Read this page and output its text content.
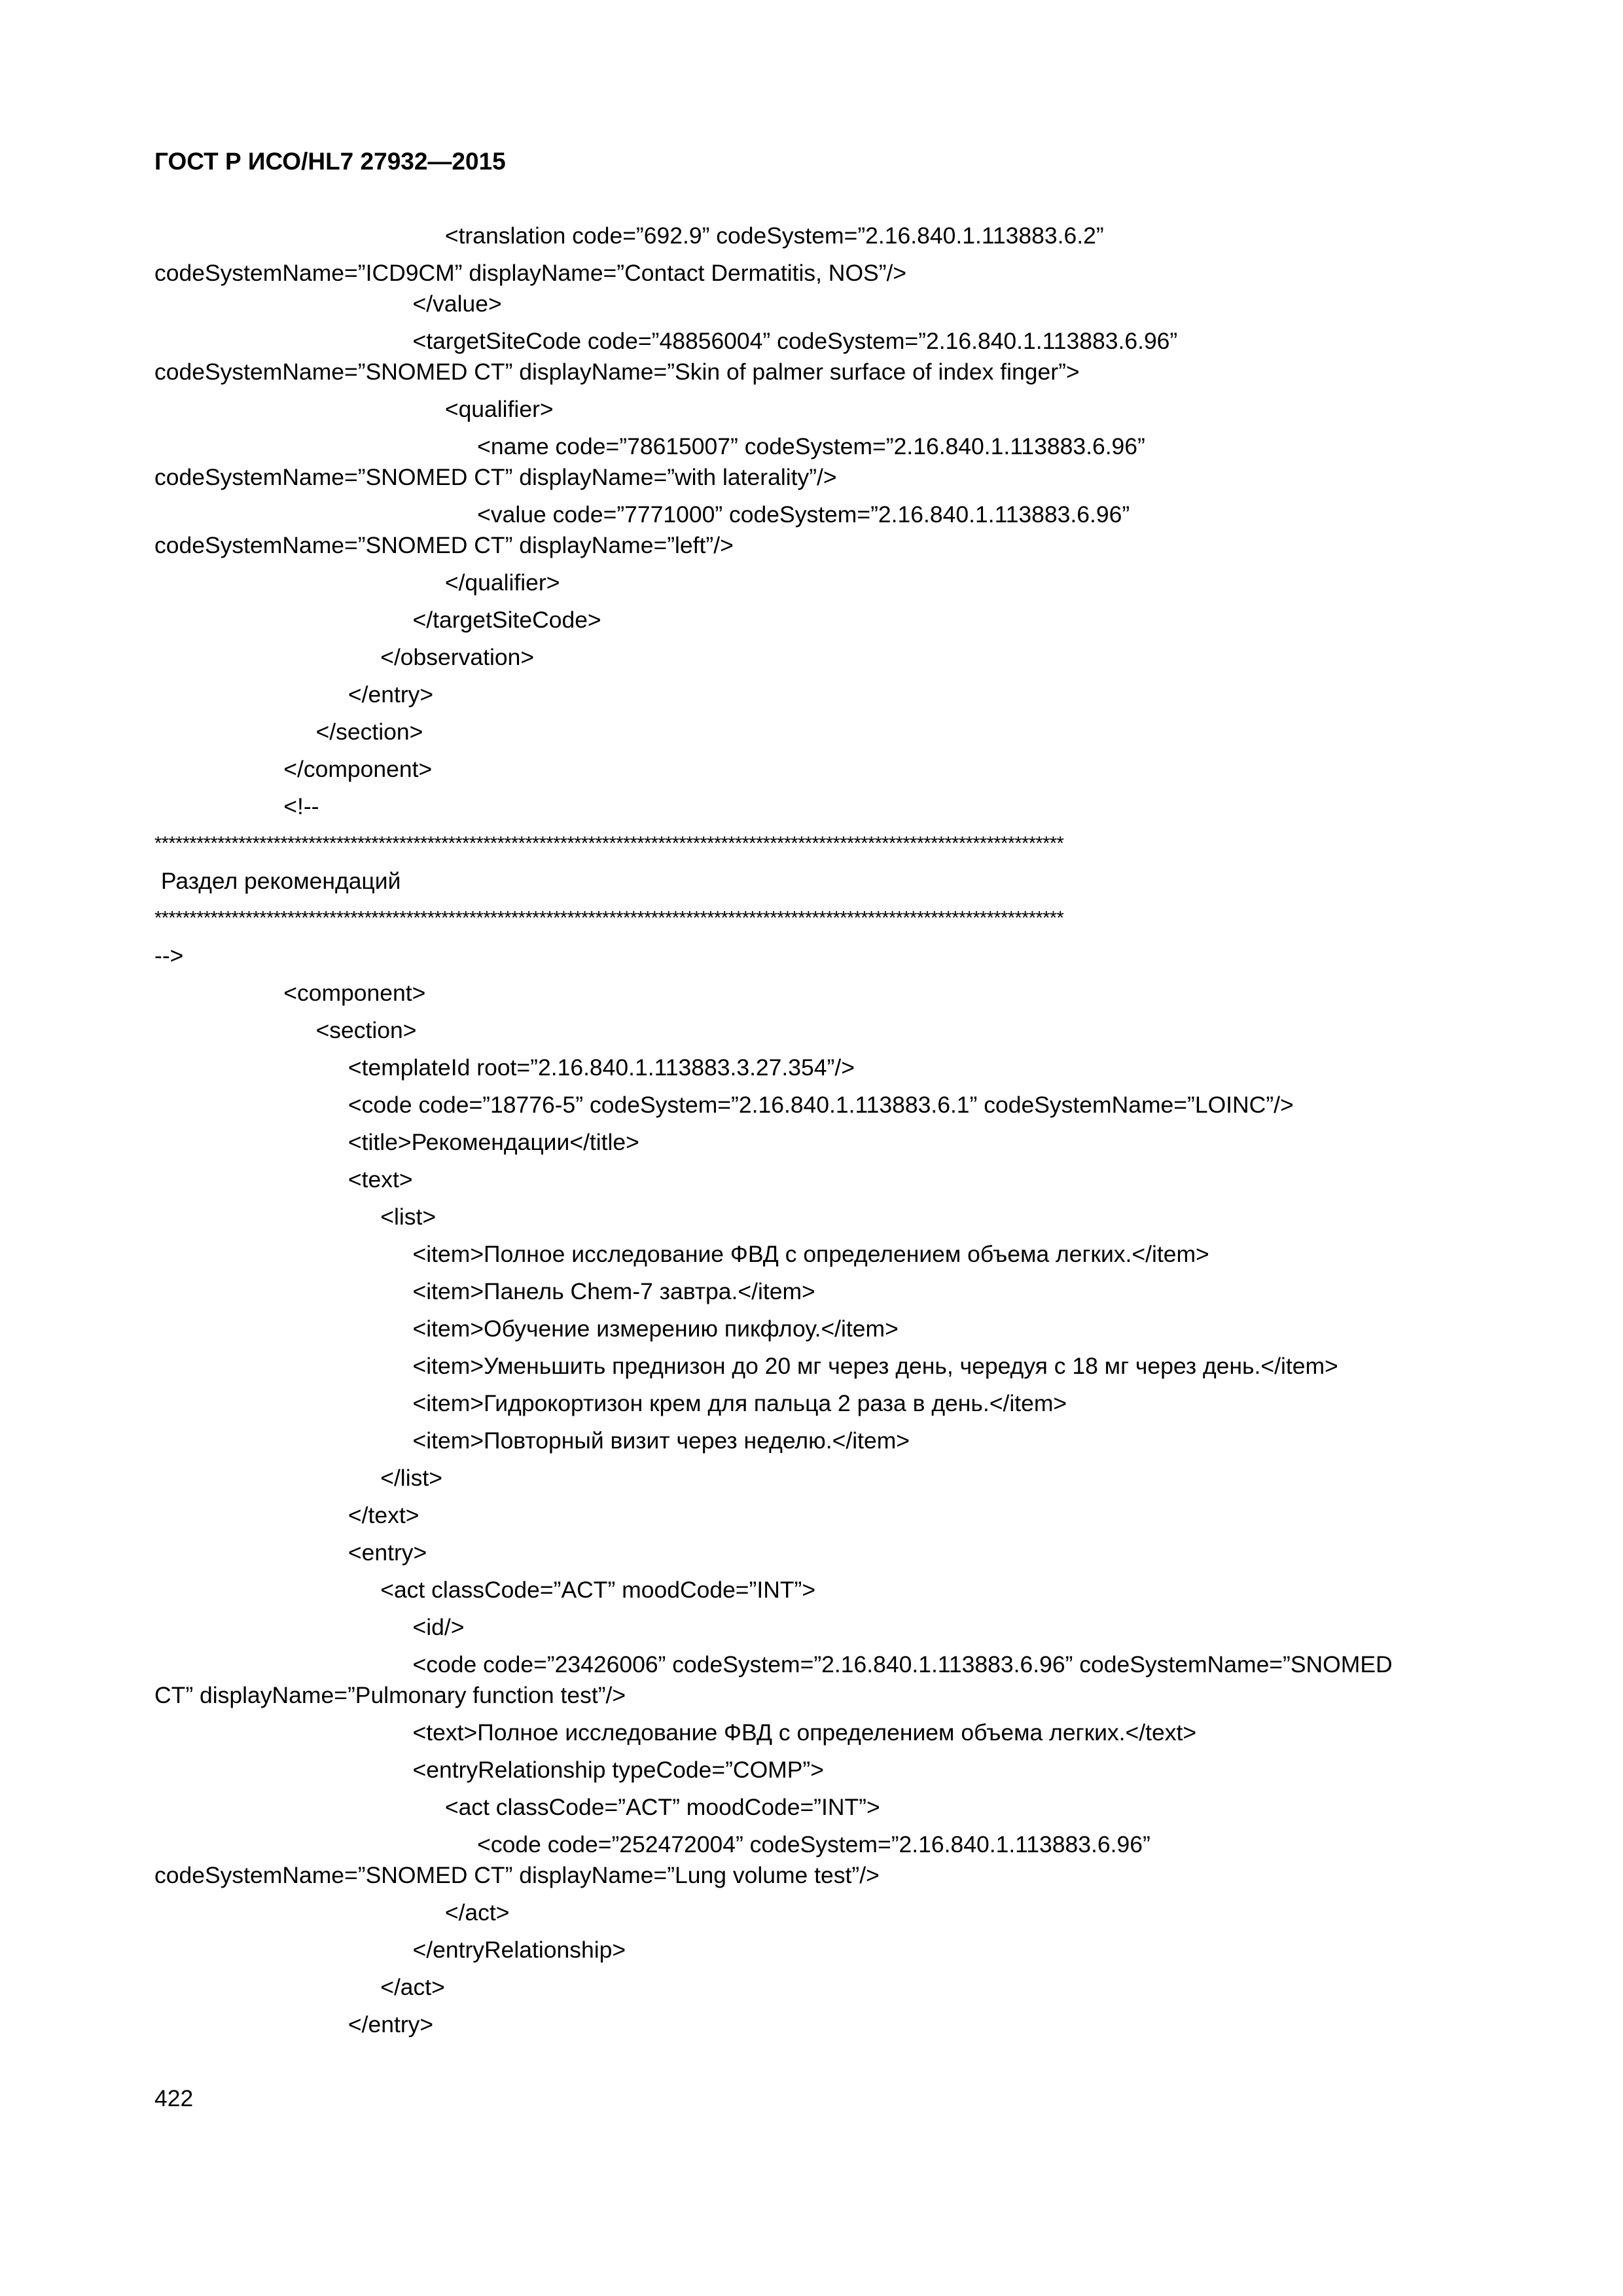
ГОСТ Р ИСО/HL7 27932—2015
<translation code=”692.9” codeSystem=”2.16.840.1.113883.6.2”
codeSystemName=”ICD9CM” displayName=”Contact Dermatitis, NOS”/>
</value>
<targetSiteCode code=”48856004” codeSystem=”2.16.840.1.113883.6.96”
codeSystemName=”SNOMED CT” displayName=”Skin of palmer surface of index finger”>
<qualifier>
<name code=”78615007” codeSystem=”2.16.840.1.113883.6.96”
codeSystemName=”SNOMED CT” displayName=”with laterality”/>
<value code=”7771000” codeSystem=”2.16.840.1.113883.6.96”
codeSystemName=”SNOMED CT” displayName=”left”/>
</qualifier>
</targetSiteCode>
</observation>
</entry>
</section>
</component>
<!--
**********************************************************************************************************************************
Раздел рекомендаций
**********************************************************************************************************************************
-->
<component>
<section>
<templateId root=”2.16.840.1.113883.3.27.354”/>
<code code=”18776-5” codeSystem=”2.16.840.1.113883.6.1” codeSystemName=”LOINC”/>
<title>Рекомендации</title>
<text>
<list>
<item>Полное исследование ФВД с определением объема легких.</item>
<item>Панель Chem-7 завтра.</item>
<item>Обучение измерению пикфлоу.</item>
<item>Уменьшить преднизон до 20 мг через день, чередуя с 18 мг через день.</item>
<item>Гидрокортизон крем для пальца 2 раза в день.</item>
<item>Повторный визит через неделю.</item>
</list>
</text>
<entry>
<act classCode=”ACT” moodCode=”INT”>
<id/>
<code code=”23426006” codeSystem=”2.16.840.1.113883.6.96” codeSystemName=”SNOMED
CT” displayName=”Pulmonary function test”/>
<text>Полное исследование ФВД с определением объема легких.</text>
<entryRelationship typeCode=”COMP”>
<act classCode=”ACT” moodCode=”INT”>
<code code=”252472004” codeSystem=”2.16.840.1.113883.6.96”
codeSystemName=”SNOMED CT” displayName=”Lung volume test”/>
</act>
</entryRelationship>
</act>
</entry>
422
